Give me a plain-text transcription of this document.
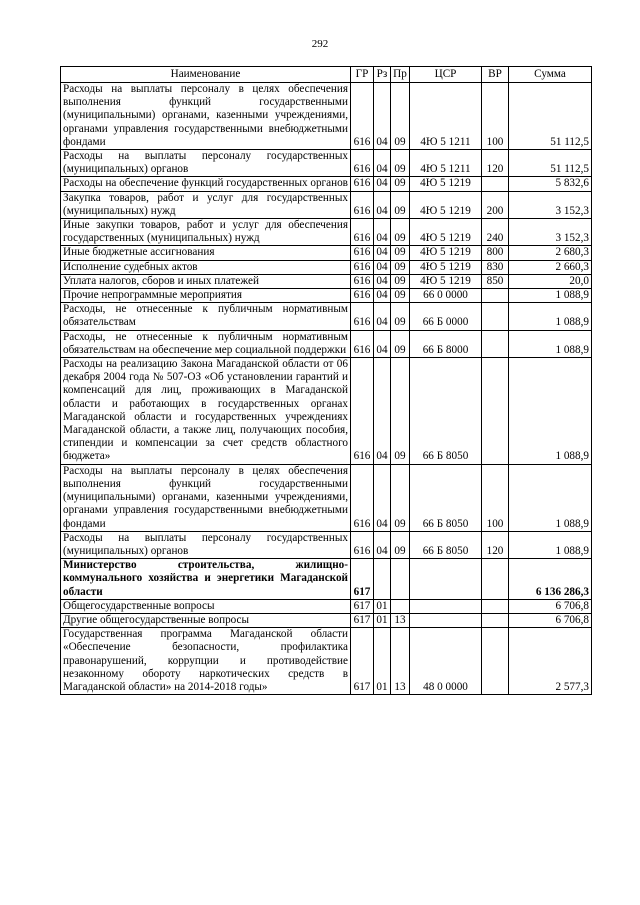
292
Наименование	ГР	Рз	Пр	ЦСР	ВР	Сумма
Расходы на выплаты персоналу в целях обеспечения выполнения функций государственными (муниципальными) органами, казенными учреждениями, органами управления государственными внебюджетными фондами	616	04	09	4Ю 5 1211	100	51 112,5
Расходы на выплаты персоналу государственных (муниципальных) органов	616	04	09	4Ю 5 1211	120	51 112,5
Расходы на обеспечение функций государственных органов	616	04	09	4Ю 5 1219		5 832,6
Закупка товаров, работ и услуг для государственных (муниципальных) нужд	616	04	09	4Ю 5 1219	200	3 152,3
Иные закупки товаров, работ и услуг для обеспечения государственных (муниципальных) нужд	616	04	09	4Ю 5 1219	240	3 152,3
Иные бюджетные ассигнования	616	04	09	4Ю 5 1219	800	2 680,3
Исполнение судебных актов	616	04	09	4Ю 5 1219	830	2 660,3
Уплата налогов, сборов и иных платежей	616	04	09	4Ю 5 1219	850	20,0
Прочие непрограммные мероприятия	616	04	09	66 0 0000		1 088,9
Расходы, не отнесенные к публичным нормативным обязательствам	616	04	09	66 Б 0000		1 088,9
Расходы, не отнесенные к публичным нормативным обязательствам на обеспечение мер социальной поддержки	616	04	09	66 Б 8000		1 088,9
Расходы на реализацию Закона Магаданской области от 06 декабря 2004 года № 507-ОЗ «Об установлении гарантий и компенсаций для лиц, проживающих в Магаданской области и работающих в государственных органах Магаданской области и государственных учреждениях Магаданской области, а также лиц, получающих пособия, стипендии и компенсации за счет средств областного бюджета»	616	04	09	66 Б 8050		1 088,9
Расходы на выплаты персоналу в целях обеспечения выполнения функций государственными (муниципальными) органами, казенными учреждениями, органами управления государственными внебюджетными фондами	616	04	09	66 Б 8050	100	1 088,9
Расходы на выплаты персоналу государственных (муниципальных) органов	616	04	09	66 Б 8050	120	1 088,9
Министерство строительства, жилищно-коммунального хозяйства и энергетики Магаданской области	617					6 136 286,3
Общегосударственные вопросы	617	01				6 706,8
Другие общегосударственные вопросы	617	01	13			6 706,8
Государственная программа Магаданской области «Обеспечение безопасности, профилактика правонарушений, коррупции и противодействие незаконному обороту наркотических средств в Магаданской области» на 2014-2018 годы»	617	01	13	48 0 0000		2 577,3
